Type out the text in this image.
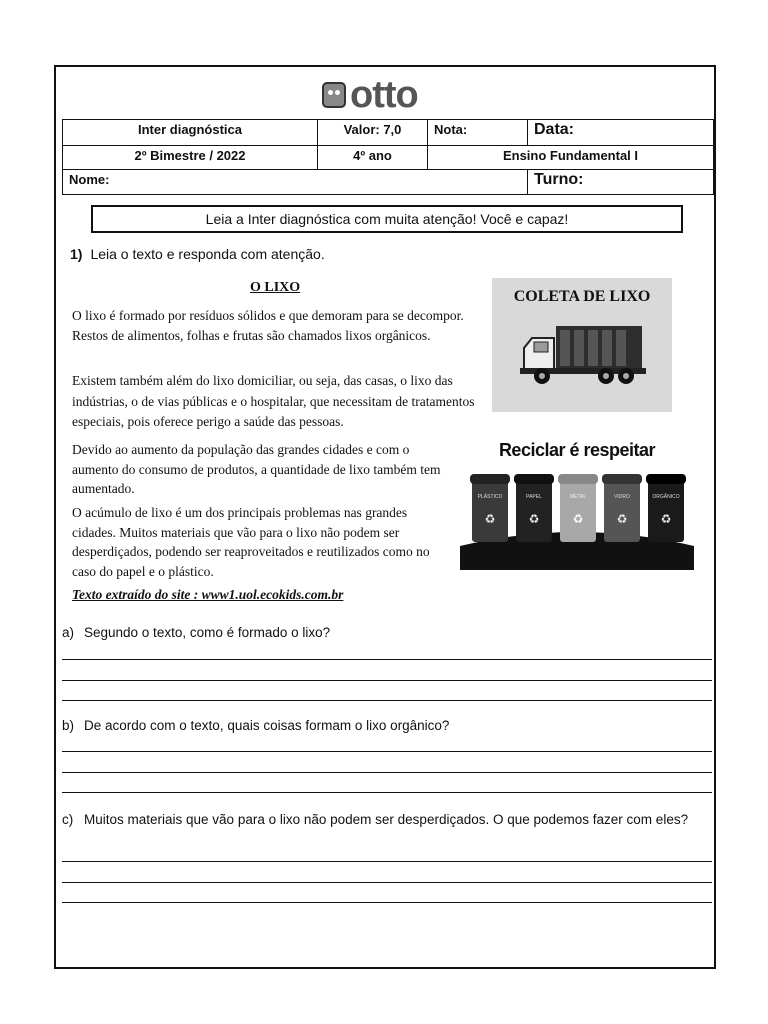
otto
Inter diagnóstica	Valor: 7,0	Nota:	Data:
2º Bimestre / 2022	4º ano	Ensino Fundamental I
Nome:	Turno:
Leia a Inter diagnóstica com muita atenção! Você e capaz!
1) Leia o texto e responda com atenção.
O LIXO
O lixo é formado por resíduos sólidos e que demoram para se decompor. Restos de alimentos, folhas e frutas são chamados lixos orgânicos.
Existem também além do lixo domiciliar, ou seja, das casas, o lixo das indústrias, o de vias públicas e o hospitalar, que necessitam de tratamentos especiais, pois oferece perigo a saúde das pessoas.
Devido ao aumento da população das grandes cidades e com o aumento do consumo de produtos, a quantidade de lixo também tem aumentado.
O acúmulo de lixo é um dos principais problemas nas grandes cidades. Muitos materiais que vão para o lixo não podem ser desperdiçados, podendo ser reaproveitados e reutilizados como no caso do papel e o plástico.
Texto extraído do site : www1.uol.ecokids.com.br
COLETA DE LIXO
Reciclar é respeitar
PLÁSTICO
♻
PAPEL
♻
METAL
♻
VIDRO
♻
ORGÂNICO
♻
a) Segundo o texto, como é formado o lixo?
b) De acordo com o texto, quais coisas formam o lixo orgânico?
c) Muitos materiais que vão para o lixo não podem ser desperdiçados. O que podemos fazer com eles?
